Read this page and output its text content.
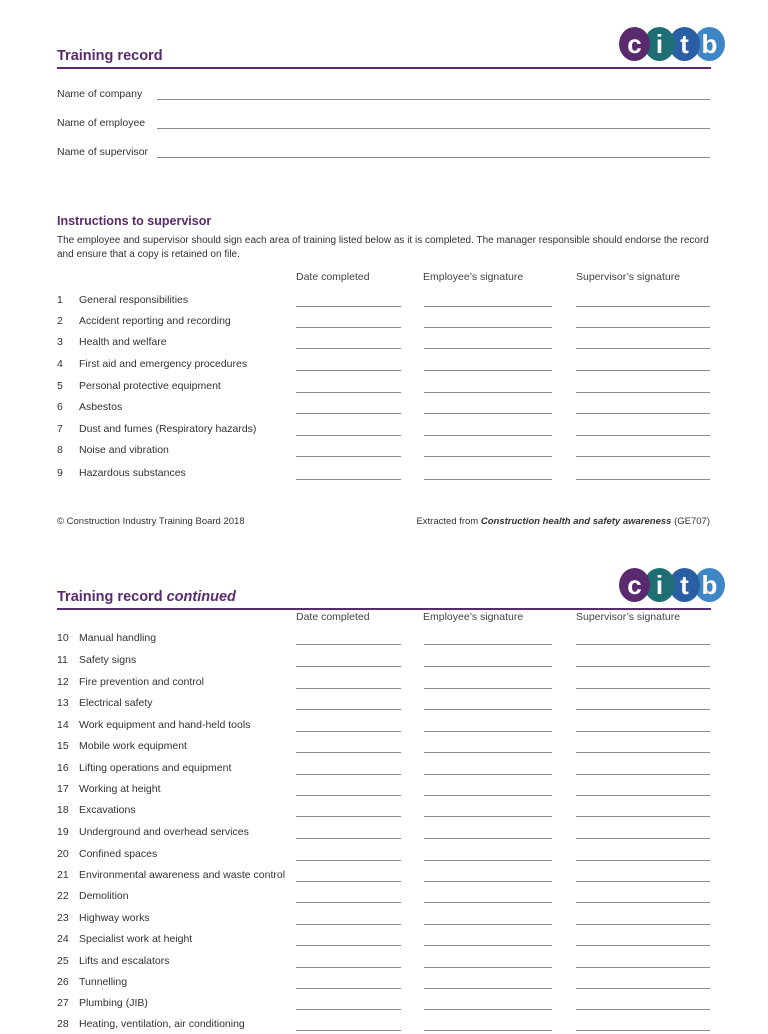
Training record	c i t b
Name of company
Name of employee
Name of supervisor
Instructions to supervisor
The employee and supervisor should sign each area of training listed below as it is completed. The manager responsible should endorse the record and ensure that a copy is retained on file.
Date completed	Employee’s signature	Supervisor’s signature
1	General responsibilities
2	Accident reporting and recording
3	Health and welfare
4	First aid and emergency procedures
5	Personal protective equipment
6	Asbestos
7	Dust and fumes (Respiratory hazards)
8	Noise and vibration
9	Hazardous substances
© Construction Industry Training Board 2018	Extracted from Construction health and safety awareness (GE707)
Training record continued	c i t b
Date completed	Employee’s signature	Supervisor’s signature
10 Manual handling
11	Safety signs
12 Fire prevention and control
13 Electrical safety
14 Work equipment and hand-held tools
15 Mobile work equipment
16 Lifting operations and equipment
17 Working at height
18 Excavations
19 Underground and overhead services
20 Confined spaces
21 Environmental awareness and waste control
22 Demolition
23 Highway works
24 Specialist work at height
25 Lifts and escalators
26 Tunnelling
27 Plumbing (JIB)
28 Heating, ventilation, air conditioning
